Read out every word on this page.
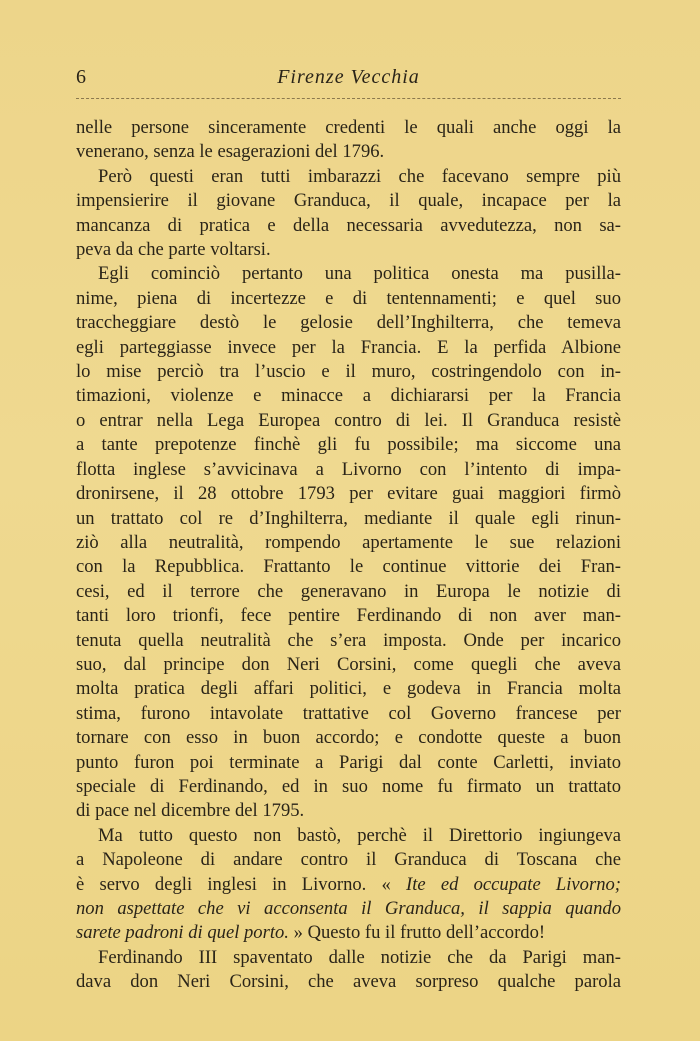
6	Firenze Vecchia

nelle persone sinceramente credenti le quali anche oggi la
venerano, senza le esagerazioni del 1796.

Però questi eran tutti imbarazzi che facevano sempre più
impensierire il giovane Granduca, il quale, incapace per la
mancanza di pratica e della necessaria avvedutezza, non sa-
peva da che parte voltarsi.

Egli cominciò pertanto una politica onesta ma pusilla-
nime, piena di incertezze e di tentennamenti; e quel suo
traccheggiare destò le gelosie dell’Inghilterra, che temeva
egli parteggiasse invece per la Francia. E la perfida Albione
lo mise perciò tra l’uscio e il muro, costringendolo con in-
timazioni, violenze e minacce a dichiararsi per la Francia
o entrar nella Lega Europea contro di lei. Il Granduca resistè
a tante prepotenze finchè gli fu possibile; ma siccome una
flotta inglese s’avvicinava a Livorno con l’intento di impa-
dronirsene, il 28 ottobre 1793 per evitare guai maggiori firmò
un trattato col re d’Inghilterra, mediante il quale egli rinun-
ziò alla neutralità, rompendo apertamente le sue relazioni
con la Repubblica. Frattanto le continue vittorie dei Fran-
cesi, ed il terrore che generavano in Europa le notizie di
tanti loro trionfi, fece pentire Ferdinando di non aver man-
tenuta quella neutralità che s’era imposta. Onde per incarico
suo, dal principe don Neri Corsini, come quegli che aveva
molta pratica degli affari politici, e godeva in Francia molta
stima, furono intavolate trattative col Governo francese per
tornare con esso in buon accordo; e condotte queste a buon
punto furon poi terminate a Parigi dal conte Carletti, inviato
speciale di Ferdinando, ed in suo nome fu firmato un trattato
di pace nel dicembre del 1795.

Ma tutto questo non bastò, perchè il Direttorio ingiungeva
a Napoleone di andare contro il Granduca di Toscana che
è servo degli inglesi in Livorno. « Ite ed occupate Livorno;
non aspettate che vi acconsenta il Granduca, il sappia quando
sarete padroni di quel porto. » Questo fu il frutto dell’accordo!

Ferdinando III spaventato dalle notizie che da Parigi man-
dava don Neri Corsini, che aveva sorpreso qualche parola
